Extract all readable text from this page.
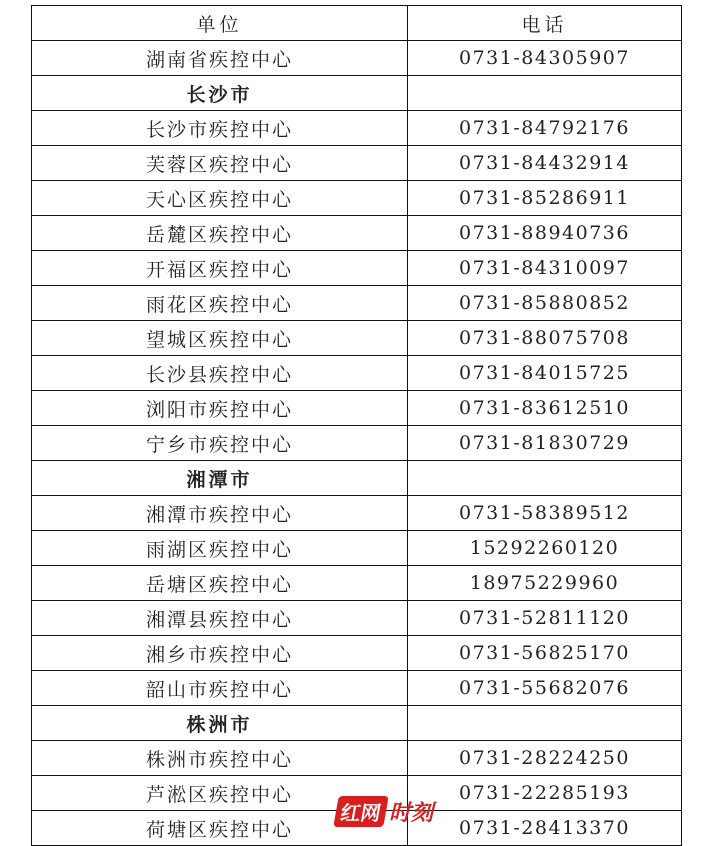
单位	电话
湖南省疾控中心	0731-84305907
长沙市	
长沙市疾控中心	0731-84792176
芙蓉区疾控中心	0731-84432914
天心区疾控中心	0731-85286911
岳麓区疾控中心	0731-88940736
开福区疾控中心	0731-84310097
雨花区疾控中心	0731-85880852
望城区疾控中心	0731-88075708
长沙县疾控中心	0731-84015725
浏阳市疾控中心	0731-83612510
宁乡市疾控中心	0731-81830729
湘潭市	
湘潭市疾控中心	0731-58389512
雨湖区疾控中心	15292260120
岳塘区疾控中心	18975229960
湘潭县疾控中心	0731-52811120
湘乡市疾控中心	0731-56825170
韶山市疾控中心	0731-55682076
株洲市	
株洲市疾控中心	0731-28224250
芦淞区疾控中心	0731-22285193
荷塘区疾控中心	0731-28413370
红网 时刻
